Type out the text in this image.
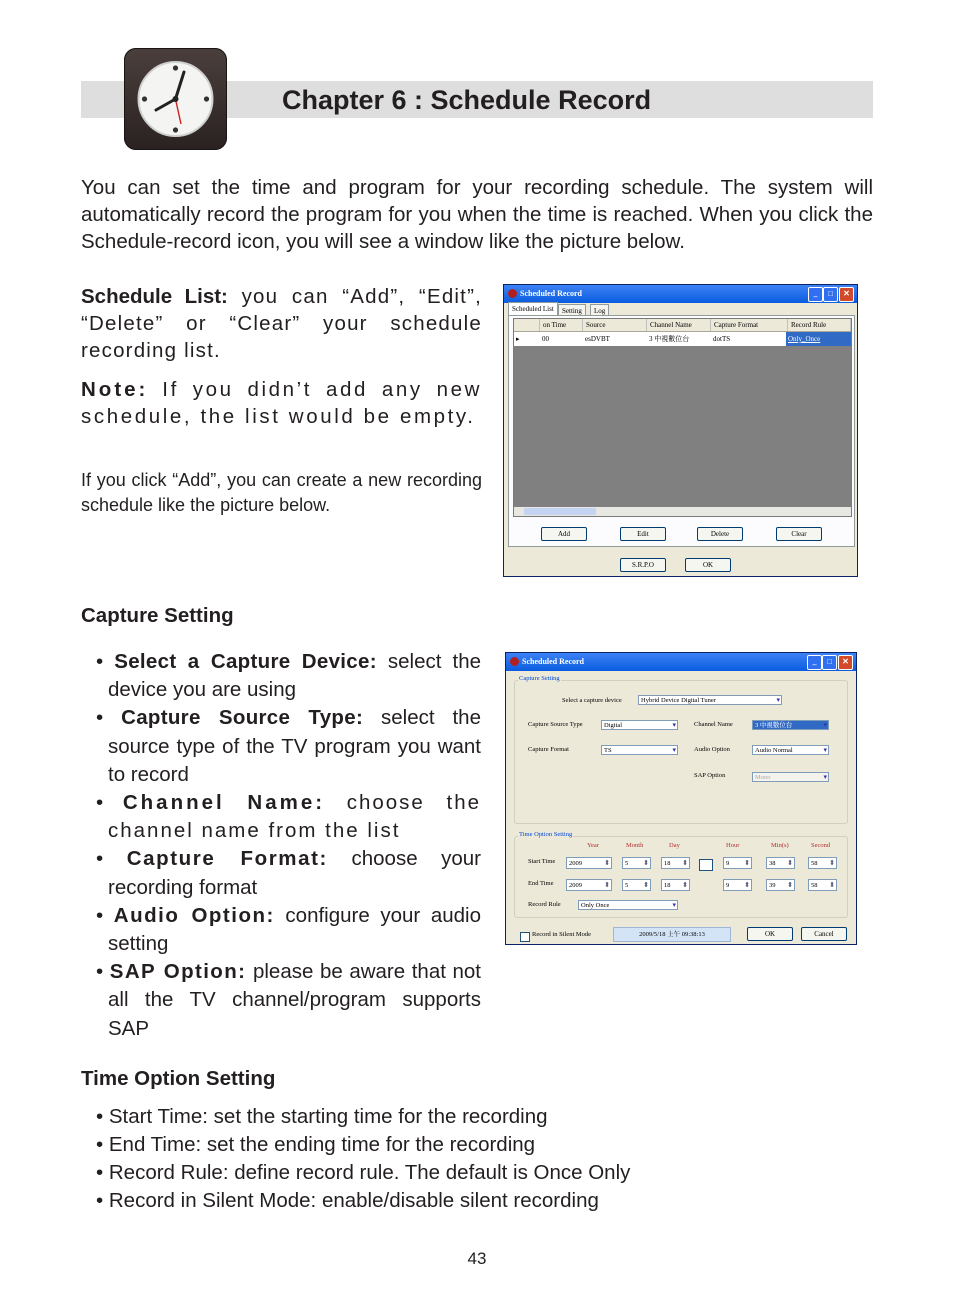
Chapter 6 : Schedule Record
You can set the time and program for your recording schedule. The system will automatically record the program for you when the time is reached. When you click the Schedule-record icon, you will see a window like the picture below.
Schedule List: you can “Add”, “Edit”, “Delete” or “Clear” your schedule recording list.
Note: If you didn’t add any new schedule, the list would be empty.
If you click “Add”, you can create a new recording schedule like the picture below.
Scheduled Record	_	□	✕
Scheduled List	Setting	Log
on Time	Source	Channel Name	Capture Format	Record Rule
▸	00	esDVBT	3 中視數位台	dotTS	Only_Once
Add	Edit	Delete	Clear
S.R.P.O	OK
Capture Setting
• Select a Capture Device: select the device you are using
• Capture Source Type: select the source type of the TV program you want to record
• Channel Name: choose the channel name from the list
• Capture Format: choose your recording format
• Audio Option: configure your audio setting
• SAP Option: please be aware that not all the TV channel/program supports SAP
Scheduled Record	_	□	✕
Capture Setting
Select a capture device	Hybrid Device Digital Tuner ▾
Capture Source Type	Digital ▾	Channel Name	3 中視數位台 ▾
Capture Format	TS ▾	Audio Option	Audio Normal ▾
SAP Option	Mono ▾
Time Option Setting
Year	Month	Day	Hour	Min(s)	Second
Start Time	2009 ⬍	5 ⬍	18 ⬍	9 ⬍	38 ⬍	58 ⬍
End Time	2009 ⬍	5 ⬍	18 ⬍	9 ⬍	39 ⬍	58 ⬍
Record Rule	Only Once ▾
Record in Silent Mode	2009/5/18 上午 09:38:13	OK	Cancel
Time Option Setting
• Start Time: set the starting time for the recording
• End Time: set the ending time for the recording
• Record Rule: define record rule. The default is Once Only
• Record in Silent Mode: enable/disable silent recording
43
